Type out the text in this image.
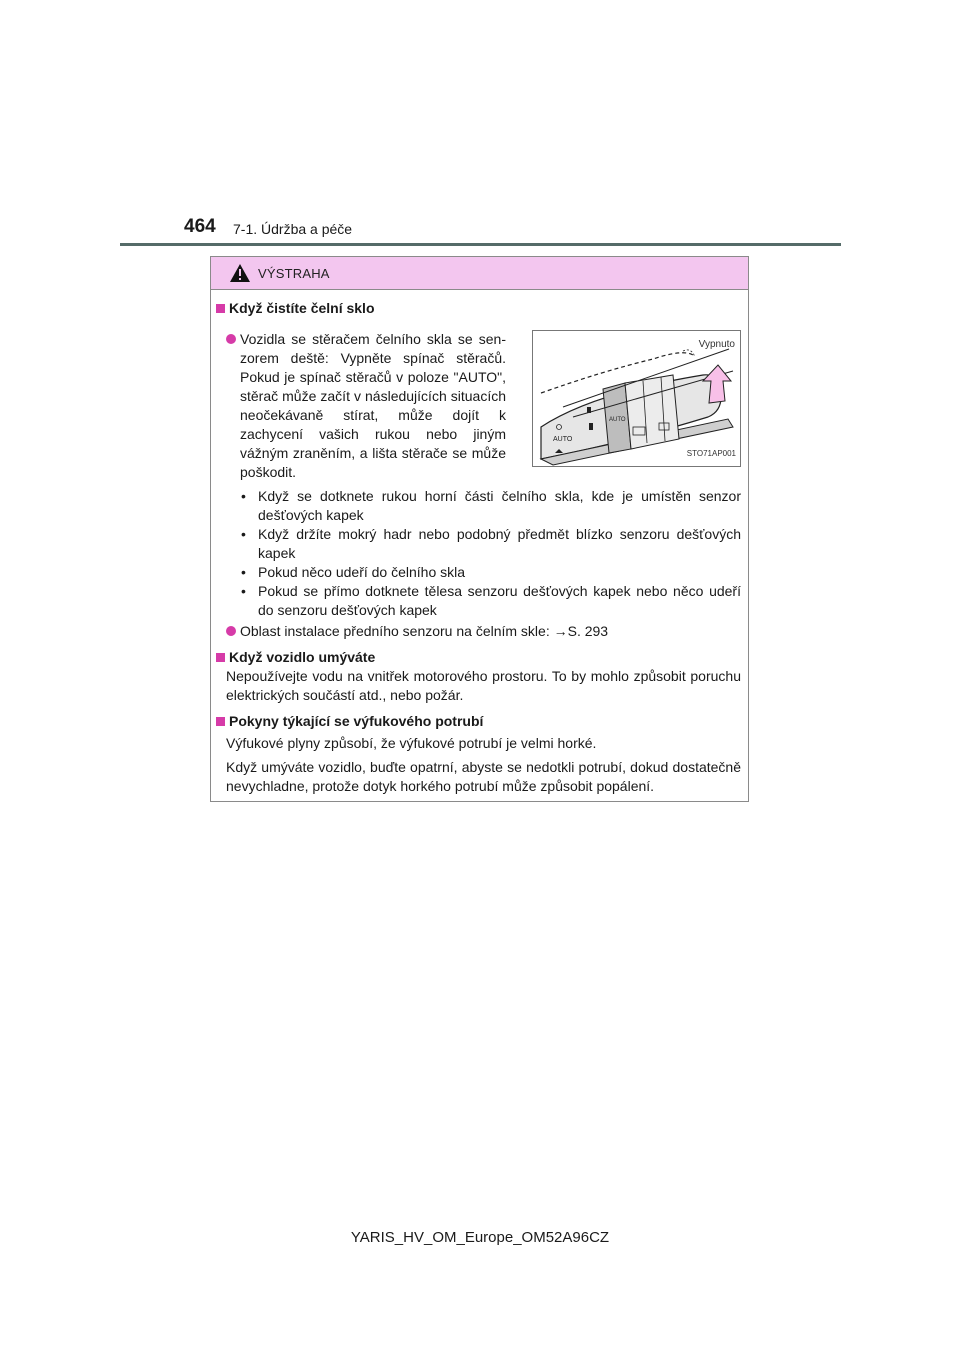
464 7-1. Údržba a péče
VÝSTRAHA
Když čistíte čelní sklo
Vozidla se stěračem čelního skla se senzorem deště: Vypněte spínač stěračů. Pokud je spínač stěračů v poloze "AUTO", stěrač může začít v následujících situacích neočekávaně stírat, může dojít k zachycení vašich rukou nebo jiným vážným zraněním, a lišta stěrače se může poškodit.
AUTO
AUTO
Vypnuto
STO71AP001
• Když se dotknete rukou horní části čelního skla, kde je umístěn senzor dešťových kapek
• Když držíte mokrý hadr nebo podobný předmět blízko senzoru dešťových kapek
• Pokud něco udeří do čelního skla
• Pokud se přímo dotknete tělesa senzoru dešťových kapek nebo něco udeří do senzoru dešťových kapek
Oblast instalace předního senzoru na čelním skle: →S. 293
Když vozidlo umýváte
Nepoužívejte vodu na vnitřek motorového prostoru. To by mohlo způsobit poruchu elektrických součástí atd., nebo požár.
Pokyny týkající se výfukového potrubí
Výfukové plyny způsobí, že výfukové potrubí je velmi horké.
Když umýváte vozidlo, buďte opatrní, abyste se nedotkli potrubí, dokud dostatečně nevychladne, protože dotyk horkého potrubí může způsobit popálení.
YARIS_HV_OM_Europe_OM52A96CZ
